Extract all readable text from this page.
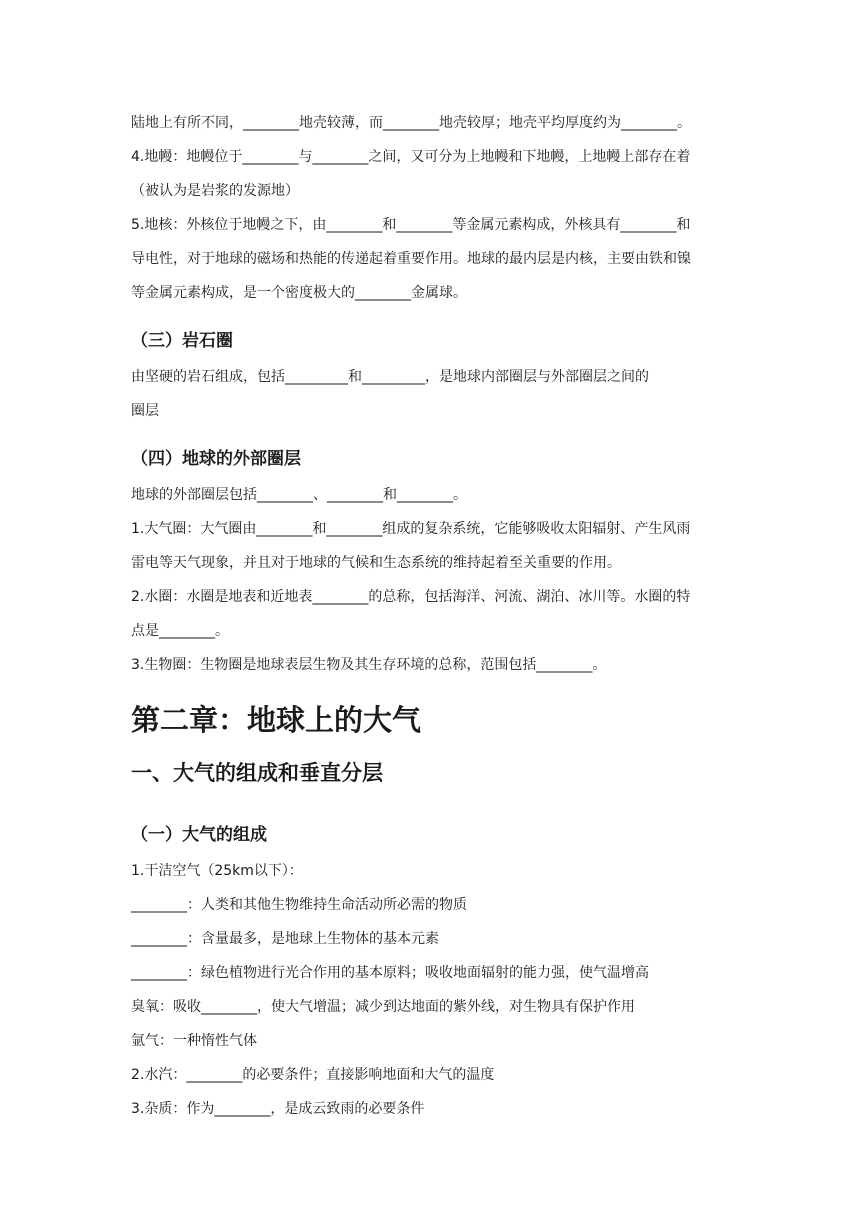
陆地上有所不同，________地壳较薄，而________地壳较厚；地壳平均厚度约为________。

4.地幔：地幔位于________与________之间，又可分为上地幔和下地幔，上地幔上部存在着

（被认为是岩浆的发源地）

5.地核：外核位于地幔之下，由________和________等金属元素构成，外核具有________和

导电性，对于地球的磁场和热能的传递起着重要作用。地球的最内层是内核，主要由铁和镍

等金属元素构成，是一个密度极大的________金属球。

（三）岩石圈

由坚硬的岩石组成，包括_________和_________，是地球内部圈层与外部圈层之间的

圈层

（四）地球的外部圈层

地球的外部圈层包括________、________和________。

1.大气圈：大气圈由________和________组成的复杂系统，它能够吸收太阳辐射、产生风雨

雷电等天气现象，并且对于地球的气候和生态系统的维持起着至关重要的作用。

2.水圈：水圈是地表和近地表________的总称，包括海洋、河流、湖泊、冰川等。水圈的特

点是________。

3.生物圈：生物圈是地球表层生物及其生存环境的总称，范围包括________。

第二章：地球上的大气
一、大气的组成和垂直分层
（一）大气的组成

1.干洁空气（25km以下）：

________：人类和其他生物维持生命活动所必需的物质

________：含量最多，是地球上生物体的基本元素

________：绿色植物进行光合作用的基本原料；吸收地面辐射的能力强，使气温增高

臭氧：吸收________，使大气增温；减少到达地面的紫外线，对生物具有保护作用

氩气：一种惰性气体

2.水汽：________的必要条件；直接影响地面和大气的温度

3.杂质：作为________，是成云致雨的必要条件
